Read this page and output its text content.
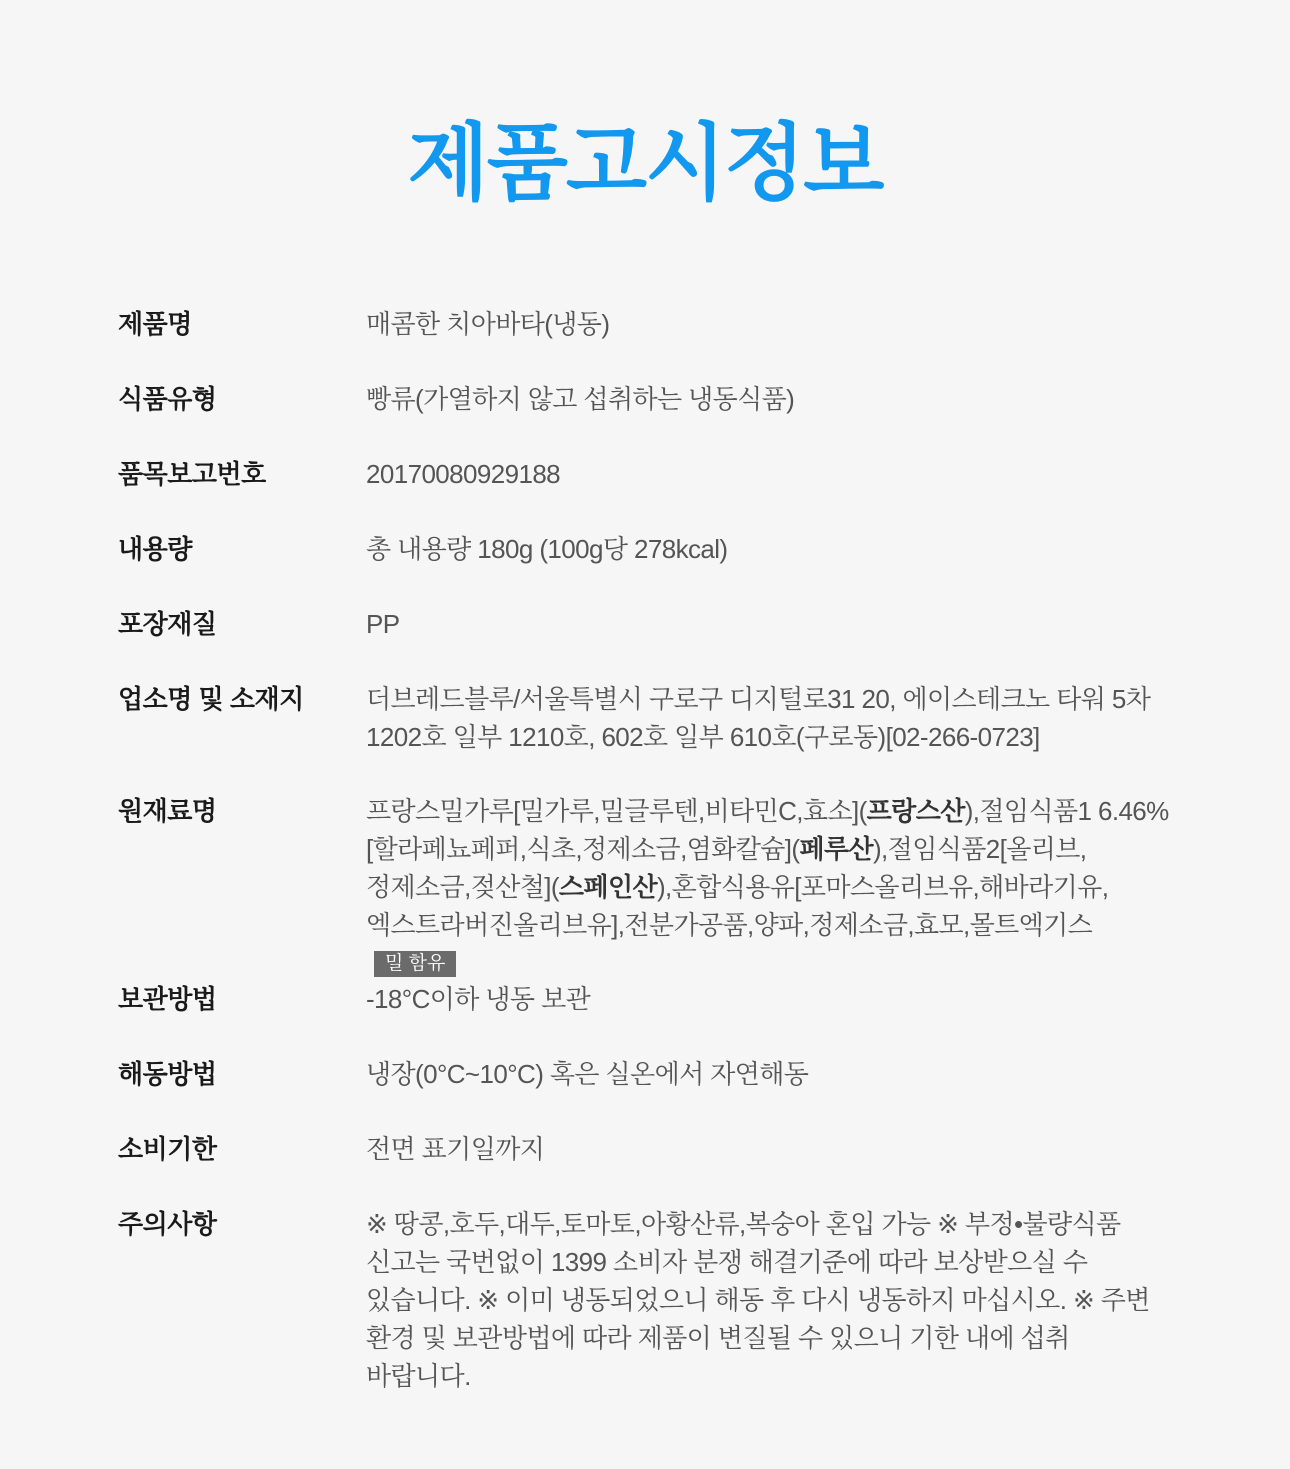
제품고시정보
제품명	매콤한 치아바타(냉동)
식품유형	빵류(가열하지 않고 섭취하는 냉동식품)
품목보고번호	20170080929188
내용량	총 내용량 180g (100g당 278kcal)
포장재질	PP
업소명 및 소재지	더브레드블루/서울특별시 구로구 디지털로31 20, 에이스테크노 타워 5차 1202호 일부 1210호, 602호 일부 610호(구로동)[02-266-0723]
원재료명	프랑스밀가루[밀가루,밀글루텐,비타민C,효소](프랑스산),절임식품1 6.46%[할라페뇨페퍼,식초,정제소금,염화칼슘](페루산),절임식품2[올리브,정제소금,젖산철](스페인산),혼합식용유[포마스올리브유,해바라기유,엑스트라버진올리브유],전분가공품,양파,정제소금,효모,몰트엑기스밀 함유
보관방법	-18°C이하 냉동 보관
해동방법	냉장(0°C~10°C) 혹은 실온에서 자연해동
소비기한	전면 표기일까지
주의사항	※ 땅콩,호두,대두,토마토,아황산류,복숭아 혼입 가능 ※ 부정•불량식품 신고는 국번없이 1399 소비자 분쟁 해결기준에 따라 보상받으실 수 있습니다. ※ 이미 냉동되었으니 해동 후 다시 냉동하지 마십시오. ※ 주변 환경 및 보관방법에 따라 제품이 변질될 수 있으니 기한 내에 섭취 바랍니다.
